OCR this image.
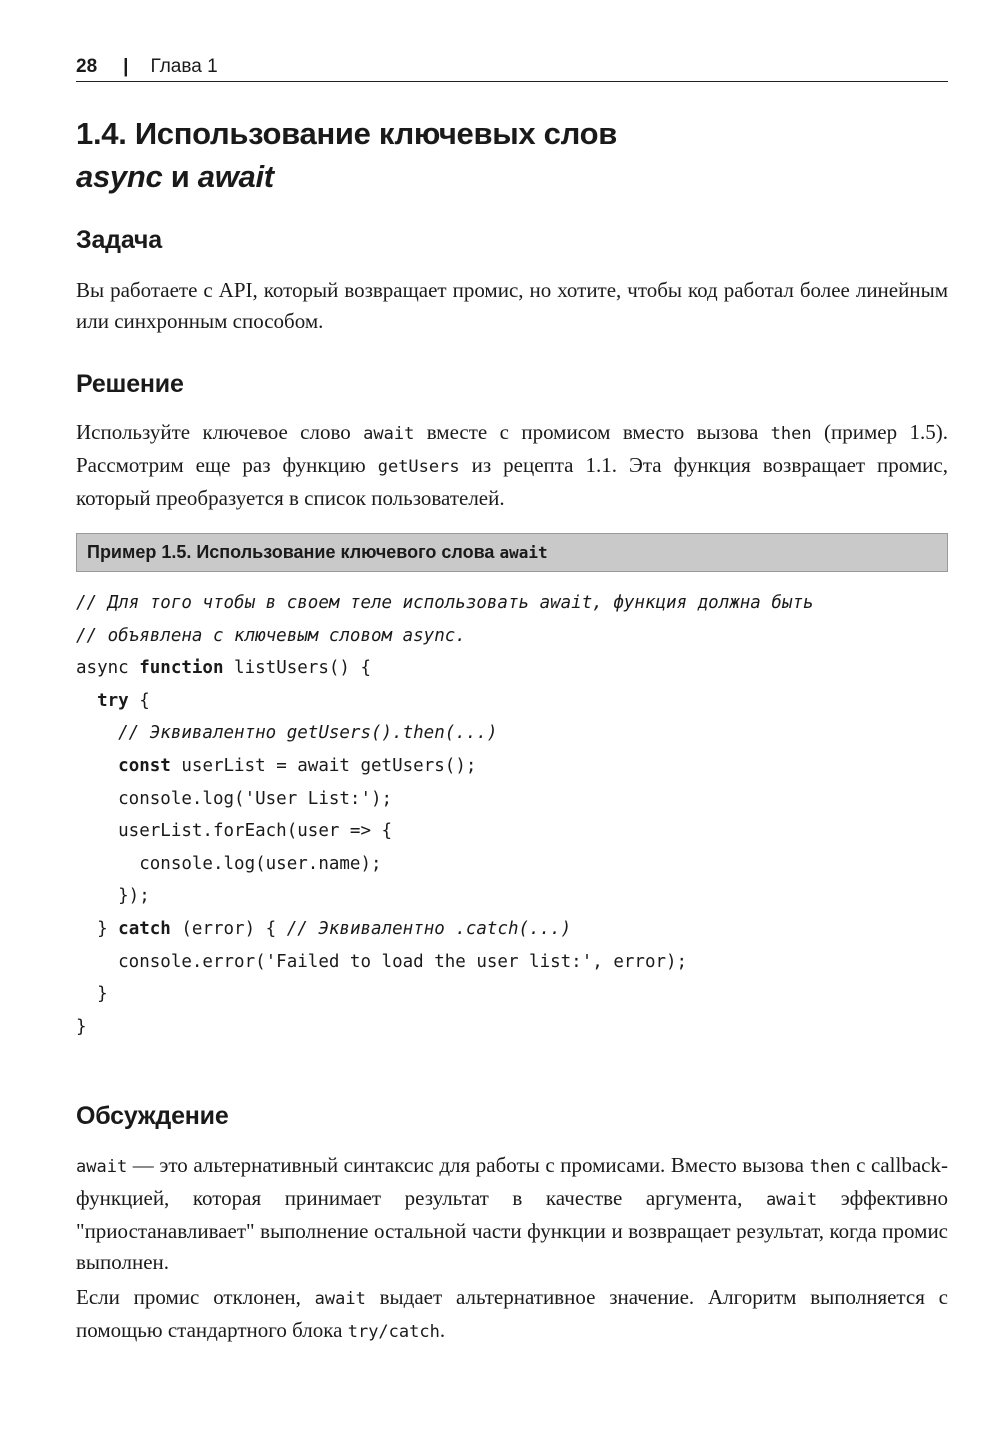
28 | Глава 1
1.4. Использование ключевых слов
async и await
Задача

Вы работаете с API, который возвращает промис, но хотите, чтобы код работал более линейным или синхронным способом.

Решение

Используйте ключевое слово await вместе с промисом вместо вызова then (пример 1.5). Рассмотрим еще раз функцию getUsers из рецепта 1.1. Эта функция возвращает промис, который преобразуется в список пользователей.

Пример 1.5. Использование ключевого слова await
// Для того чтобы в своем теле использовать await, функция должна быть
// объявлена с ключевым словом async.
async function listUsers() {
try {
// Эквивалентно getUsers().then(...)
const userList = await getUsers();
console.log('User List:');
userList.forEach(user => {
console.log(user.name);
});
} catch (error) { // Эквивалентно .catch(...)
console.error('Failed to load the user list:', error);
}
}
Обсуждение

await — это альтернативный синтаксис для работы с промисами. Вместо вызова then с callback-функцией, которая принимает результат в качестве аргумента, await эффективно "приостанавливает" выполнение остальной части функции и возвращает результат, когда промис выполнен.

Если промис отклонен, await выдает альтернативное значение. Алгоритм выполняется с помощью стандартного блока try/catch.
